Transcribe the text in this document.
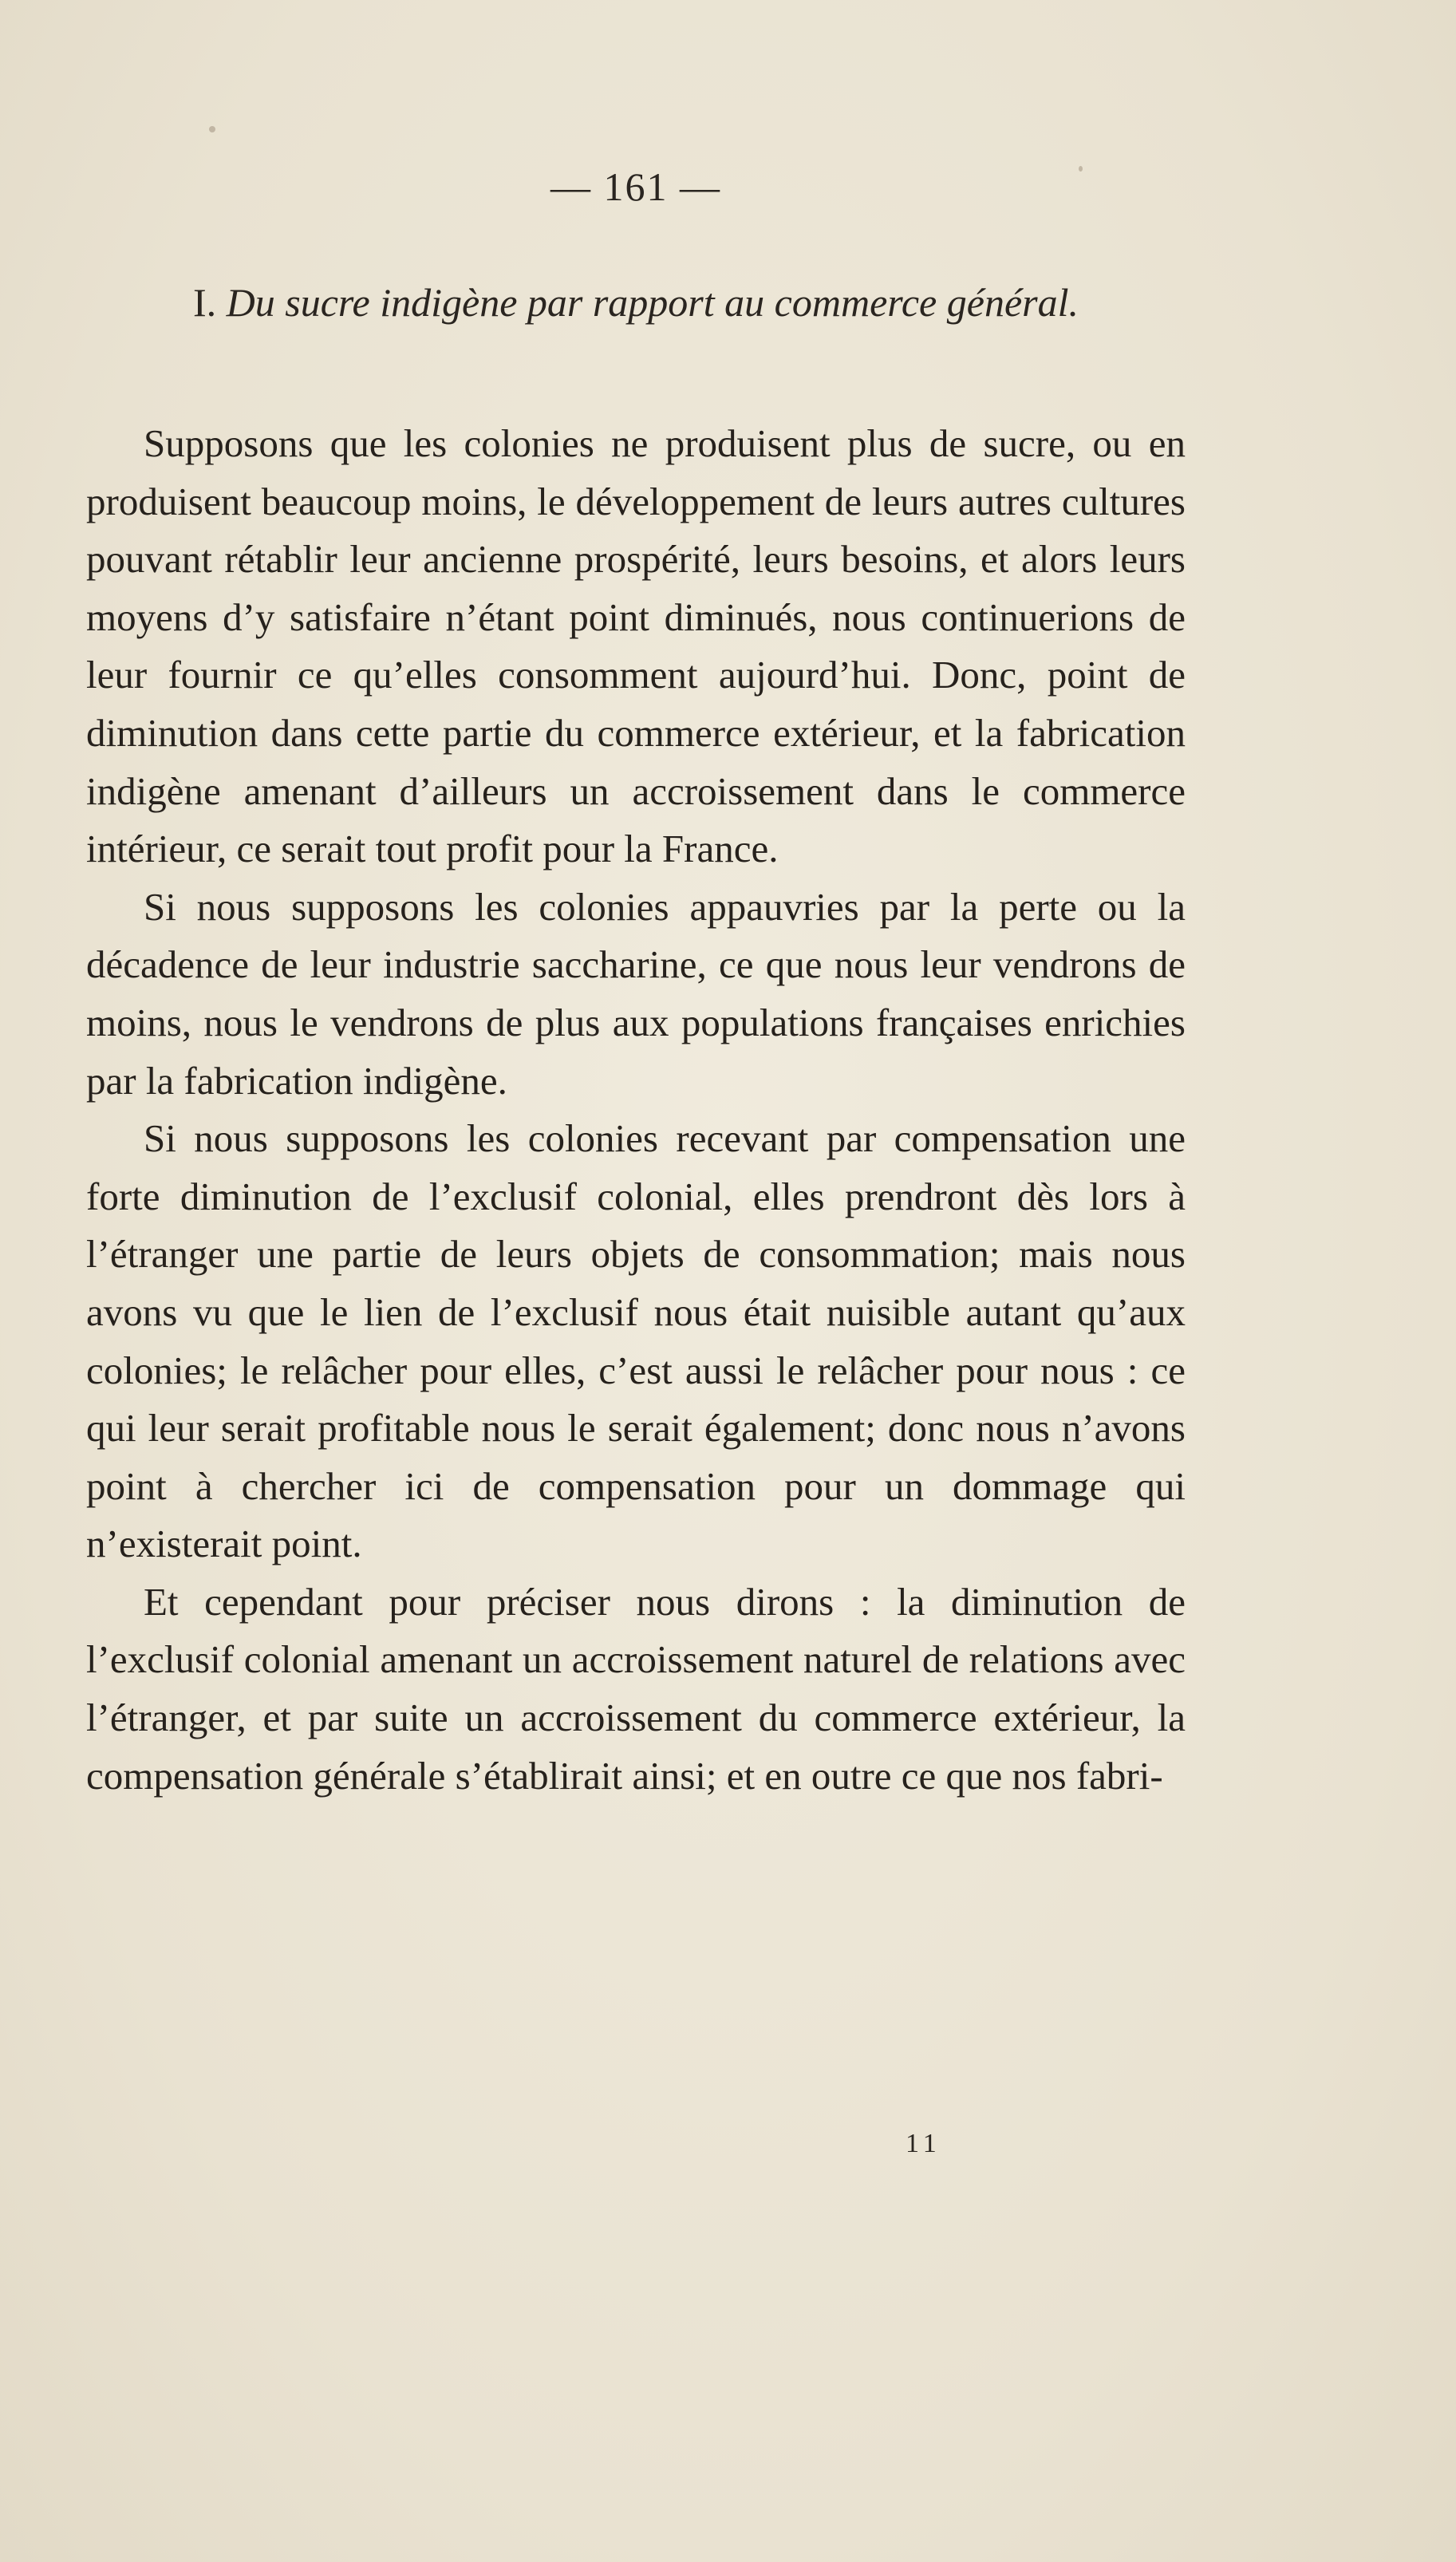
— 161 —
I. Du sucre indigène par rapport au commerce général.

Supposons que les colonies ne produisent plus de sucre, ou en produisent beaucoup moins, le développement de leurs autres cultures pouvant rétablir leur ancienne prospérité, leurs besoins, et alors leurs moyens d’y satisfaire n’étant point diminués, nous continuerions de leur fournir ce qu’elles consomment aujourd’hui. Donc, point de diminution dans cette partie du commerce extérieur, et la fabrication indigène amenant d’ailleurs un accroissement dans le commerce intérieur, ce serait tout profit pour la France.

Si nous supposons les colonies appauvries par la perte ou la décadence de leur industrie saccharine, ce que nous leur vendrons de moins, nous le vendrons de plus aux populations françaises enrichies par la fabrication indigène.

Si nous supposons les colonies recevant par compensation une forte diminution de l’exclusif colonial, elles prendront dès lors à l’étranger une partie de leurs objets de consommation; mais nous avons vu que le lien de l’exclusif nous était nuisible autant qu’aux colonies; le relâcher pour elles, c’est aussi le relâcher pour nous : ce qui leur serait profitable nous le serait également; donc nous n’avons point à chercher ici de compensation pour un dommage qui n’existerait point.

Et cependant pour préciser nous dirons : la diminution de l’exclusif colonial amenant un accroissement naturel de relations avec l’étranger, et par suite un accroissement du commerce extérieur, la compensation générale s’établirait ainsi; et en outre ce que nos fabri-

11
